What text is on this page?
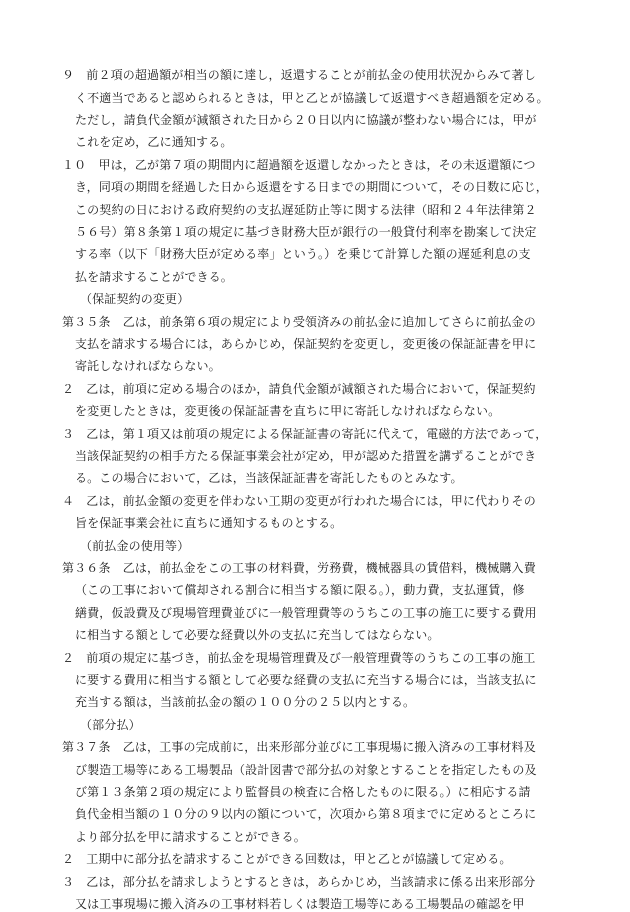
９　前２項の超過額が相当の額に達し，返還することが前払金の使用状況からみて著し
く不適当であると認められるときは，甲と乙とが協議して返還すべき超過額を定める。
ただし，請負代金額が減額された日から２０日以内に協議が整わない場合には，甲が
これを定め，乙に通知する。
１０　甲は，乙が第７項の期間内に超過額を返還しなかったときは，その未返還額につ
き，同項の期間を経過した日から返還をする日までの期間について，その日数に応じ，
この契約の日における政府契約の支払遅延防止等に関する法律（昭和２４年法律第２
５６号）第８条第１項の規定に基づき財務大臣が銀行の一般貸付利率を勘案して決定
する率（以下「財務大臣が定める率」という。）を乗じて計算した額の遅延利息の支
払を請求することができる。
（保証契約の変更）
第３５条　乙は，前条第６項の規定により受領済みの前払金に追加してさらに前払金の
支払を請求する場合には，あらかじめ，保証契約を変更し，変更後の保証証書を甲に
寄託しなければならない。
２　乙は，前項に定める場合のほか，請負代金額が減額された場合において，保証契約
を変更したときは，変更後の保証証書を直ちに甲に寄託しなければならない。
３　乙は，第１項又は前項の規定による保証証書の寄託に代えて，電磁的方法であって，
当該保証契約の相手方たる保証事業会社が定め，甲が認めた措置を講ずることができ
る。この場合において，乙は，当該保証証書を寄託したものとみなす。
４　乙は，前払金額の変更を伴わない工期の変更が行われた場合には，甲に代わりその
旨を保証事業会社に直ちに通知するものとする。
（前払金の使用等）
第３６条　乙は，前払金をこの工事の材料費，労務費，機械器具の賃借料，機械購入費
（この工事において償却される割合に相当する額に限る。），動力費，支払運賃，修
繕費，仮設費及び現場管理費並びに一般管理費等のうちこの工事の施工に要する費用
に相当する額として必要な経費以外の支払に充当してはならない。
２　前項の規定に基づき，前払金を現場管理費及び一般管理費等のうちこの工事の施工
に要する費用に相当する額として必要な経費の支払に充当する場合には，当該支払に
充当する額は，当該前払金の額の１００分の２５以内とする。
（部分払）
第３７条　乙は，工事の完成前に，出来形部分並びに工事現場に搬入済みの工事材料及
び製造工場等にある工場製品（設計図書で部分払の対象とすることを指定したもの及
び第１３条第２項の規定により監督員の検査に合格したものに限る。）に相応する請
負代金相当額の１０分の９以内の額について，次項から第８項までに定めるところに
より部分払を甲に請求することができる。
２　工期中に部分払を請求することができる回数は，甲と乙とが協議して定める。
３　乙は，部分払を請求しようとするときは，あらかじめ，当該請求に係る出来形部分
又は工事現場に搬入済みの工事材料若しくは製造工場等にある工場製品の確認を甲
